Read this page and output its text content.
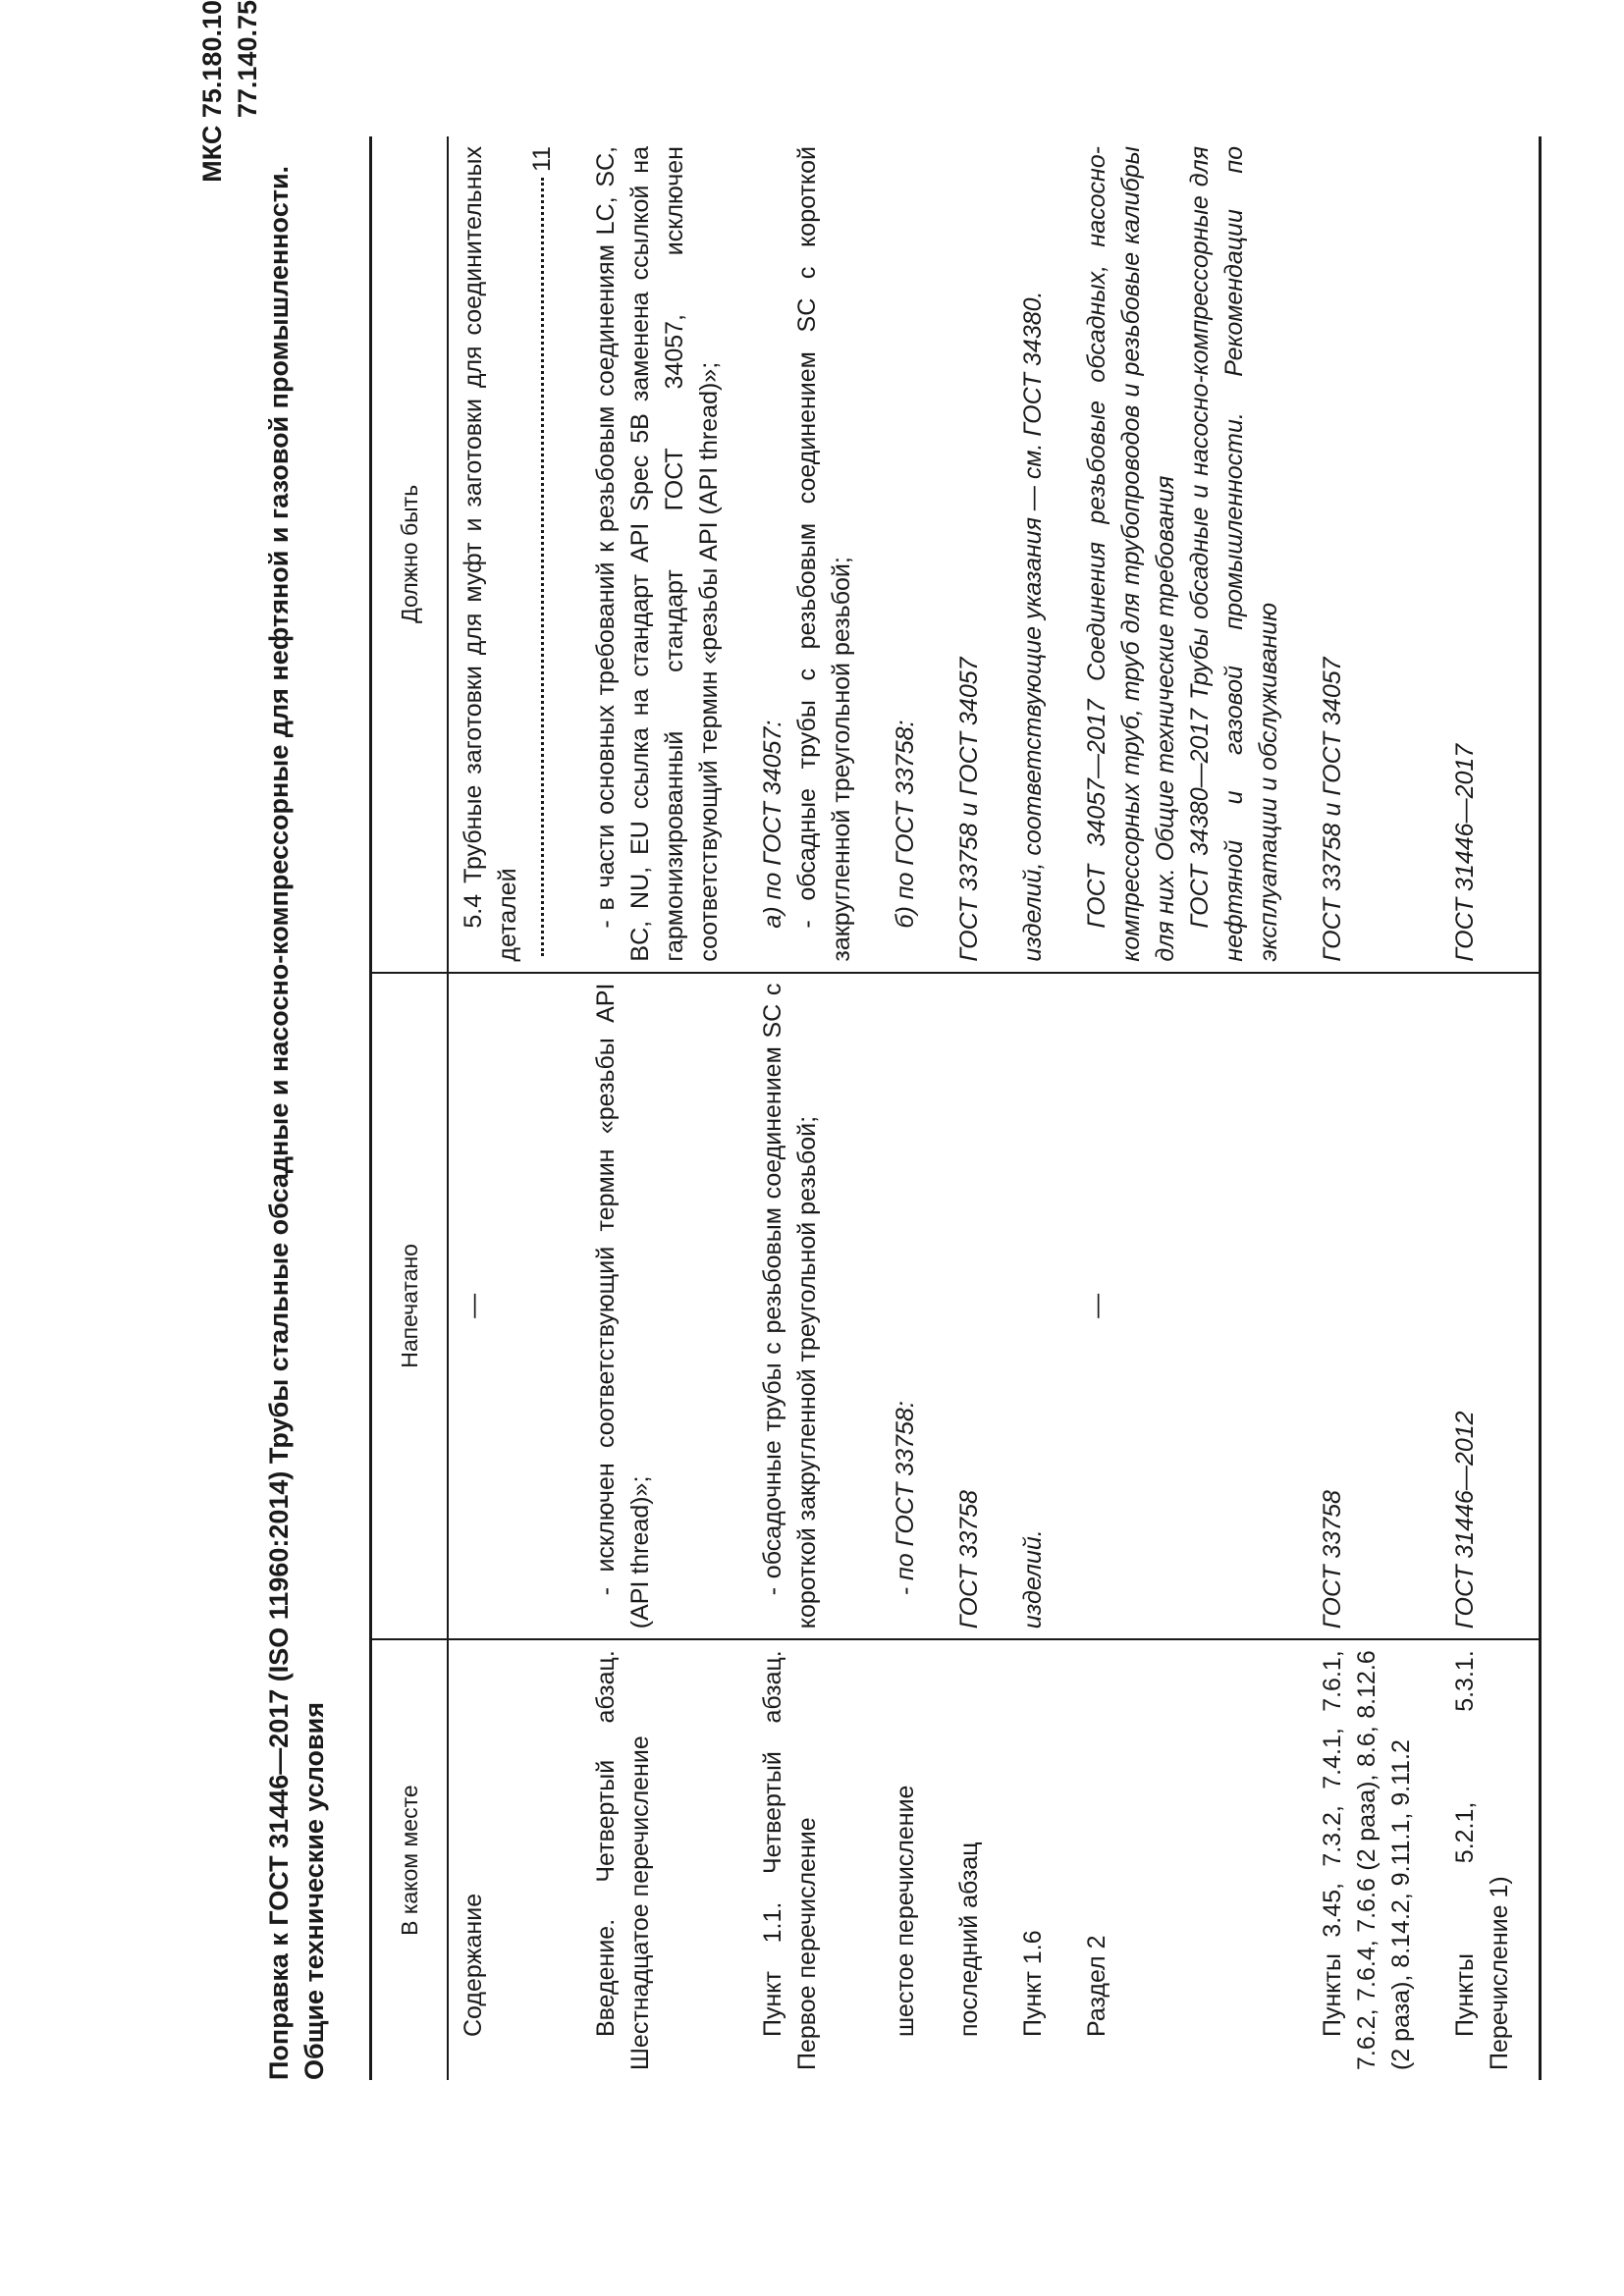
МКС 75.180.10 77.140.75
Поправка к ГОСТ 31446—2017 (ISO 11960:2014) Трубы стальные обсадные и насосно-компрессорные для нефтяной и газовой промышленности. Общие технические условия	В каком месте	Напечатано	Должно быть

Содержание	—	5.4 Трубные заготовки для муфт и заготовки для соединительных деталей
11

Введение. Четвертый абзац. Шестнадцатое перечисление	- исключен соответствующий термин «резьбы API (API thread)»;	- в части основных требований к резьбовым соединениям LC, SC, BC, NU, EU ссылка на стандарт API Spec 5B заменена ссылкой на гармонизированный стандарт ГОСТ 34057, исключен соответствующий термин «резьбы API (API thread)»;

Пункт 1.1. Четвертый абзац. Первое перечисление	- обсадочные трубы с резьбовым соединением SC с короткой закругленной треугольной резьбой;	а) по ГОСТ 34057: - обсадные трубы с резьбовым соединением SC с короткой закругленной треугольной резьбой;

шестое перечисление	- по ГОСТ 33758:	б) по ГОСТ 33758:

последний абзац	ГОСТ 33758	ГОСТ 33758 и ГОСТ 34057

Пункт 1.6	изделий.	изделий, соответствующие указания — см. ГОСТ 34380.

Раздел 2	—	ГОСТ 34057—2017 Соединения резьбовые обсадных, насосно-компрессорных труб, труб для трубопроводов и резьбовые калибры для них. Общие технические требования ГОСТ 34380—2017 Трубы обсадные и насосно-компрессорные для нефтяной и газовой промышленности. Рекомендации по эксплуатации и обслуживанию

Пункты 3.45, 7.3.2, 7.4.1, 7.6.1, 7.6.2, 7.6.4, 7.6.6 (2 раза), 8.6, 8.12.6 (2 раза), 8.14.2, 9.11.1, 9.11.2	ГОСТ 33758	ГОСТ 33758 и ГОСТ 34057

Пункты 5.2.1, 5.3.1. Перечисление 1)	ГОСТ 31446—2012	ГОСТ 31446—2017
